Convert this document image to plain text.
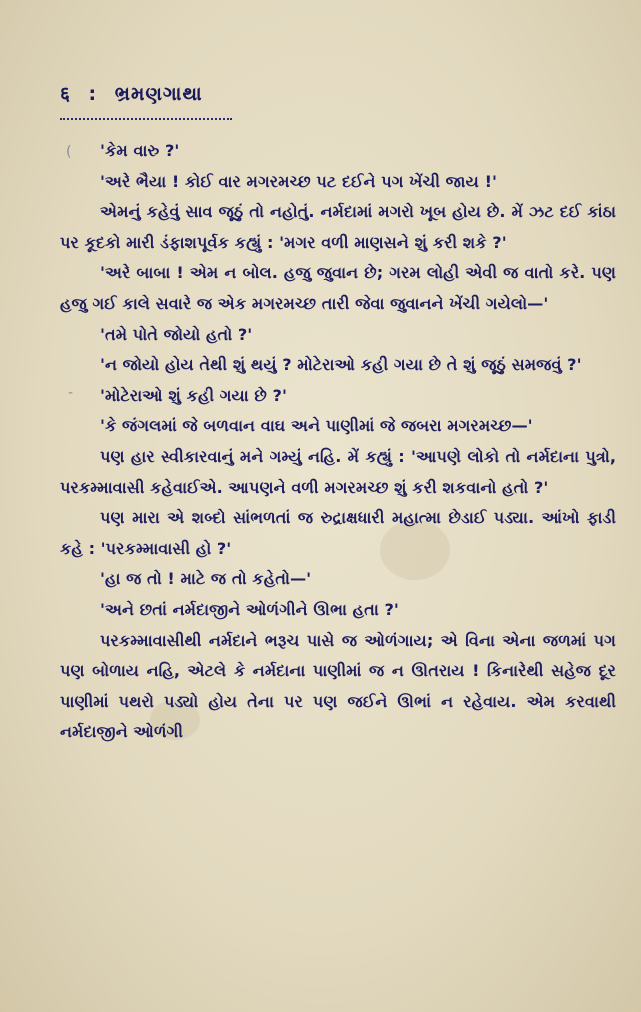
६ : ભ્રમણગાથા
(
-

'કેમ વારુ ?'

'અરે ભૈયા ! કોઈ વાર મગરમચ્છ પટ દઈને પગ ખેંચી જાય !'

એમનું કહેવું સાવ જૂઠું તો નહોતું. નર્મદામાં મગરો ખૂબ હોય છે. મેં ઝટ દઈ કાંઠા પર કૂદકો મારી ડંફાશપૂર્વક કહ્યું : 'મગર વળી માણસને શું કરી શકે ?'

'અરે બાબા ! એમ ન બોલ. હજુ જુવાન છે; ગરમ લોહી એવી જ વાતો કરે. પણ હજુ ગઈ કાલે સવારે જ એક મગરમચ્છ તારી જેવા જુવાનને ખેંચી ગયેલો—'

'તમે પોતે જોયો હતો ?'

'ન જોયો હોય તેથી શું થયું ? મોટેરાઓ કહી ગયા છે તે શું જૂઠું સમજવું ?'

'મોટેરાઓ શું કહી ગયા છે ?'

'કે જંગલમાં જે બળવાન વાઘ અને પાણીમાં જે જબરા મગરમચ્છ—'

પણ હાર સ્વીકારવાનું મને ગમ્યું નહિ. મેં કહ્યું : 'આપણે લોકો તો નર્મદાના પુત્રો, પરકમ્માવાસી કહેવાઈએ. આપણને વળી મગરમચ્છ શું કરી શકવાનો હતો ?'

પણ મારા એ શબ્દો સાંભળતાં જ રુદ્રાક્ષધારી મહાત્મા છેડાઈ પડ્યા. આંખો ફાડી કહે : 'પરકમ્માવાસી હો ?'

'હા જ તો ! માટે જ તો કહેતો—'

'અને છતાં નર્મદાજીને ઓળંગીને ઊભા હતા ?'

પરકમ્માવાસીથી નર્મદાને ભરૂચ પાસે જ ઓળંગાય; એ વિના એના જળમાં પગ પણ બોળાય નહિ, એટલે કે નર્મદાના પાણીમાં જ ન ઊતરાય ! કિનારેથી સહેજ દૂર પાણીમાં પથરો પડ્યો હોય તેના પર પણ જઈને ઊભાં ન રહેવાય. એમ કરવાથી નર્મદાજીને ઓળંગી
